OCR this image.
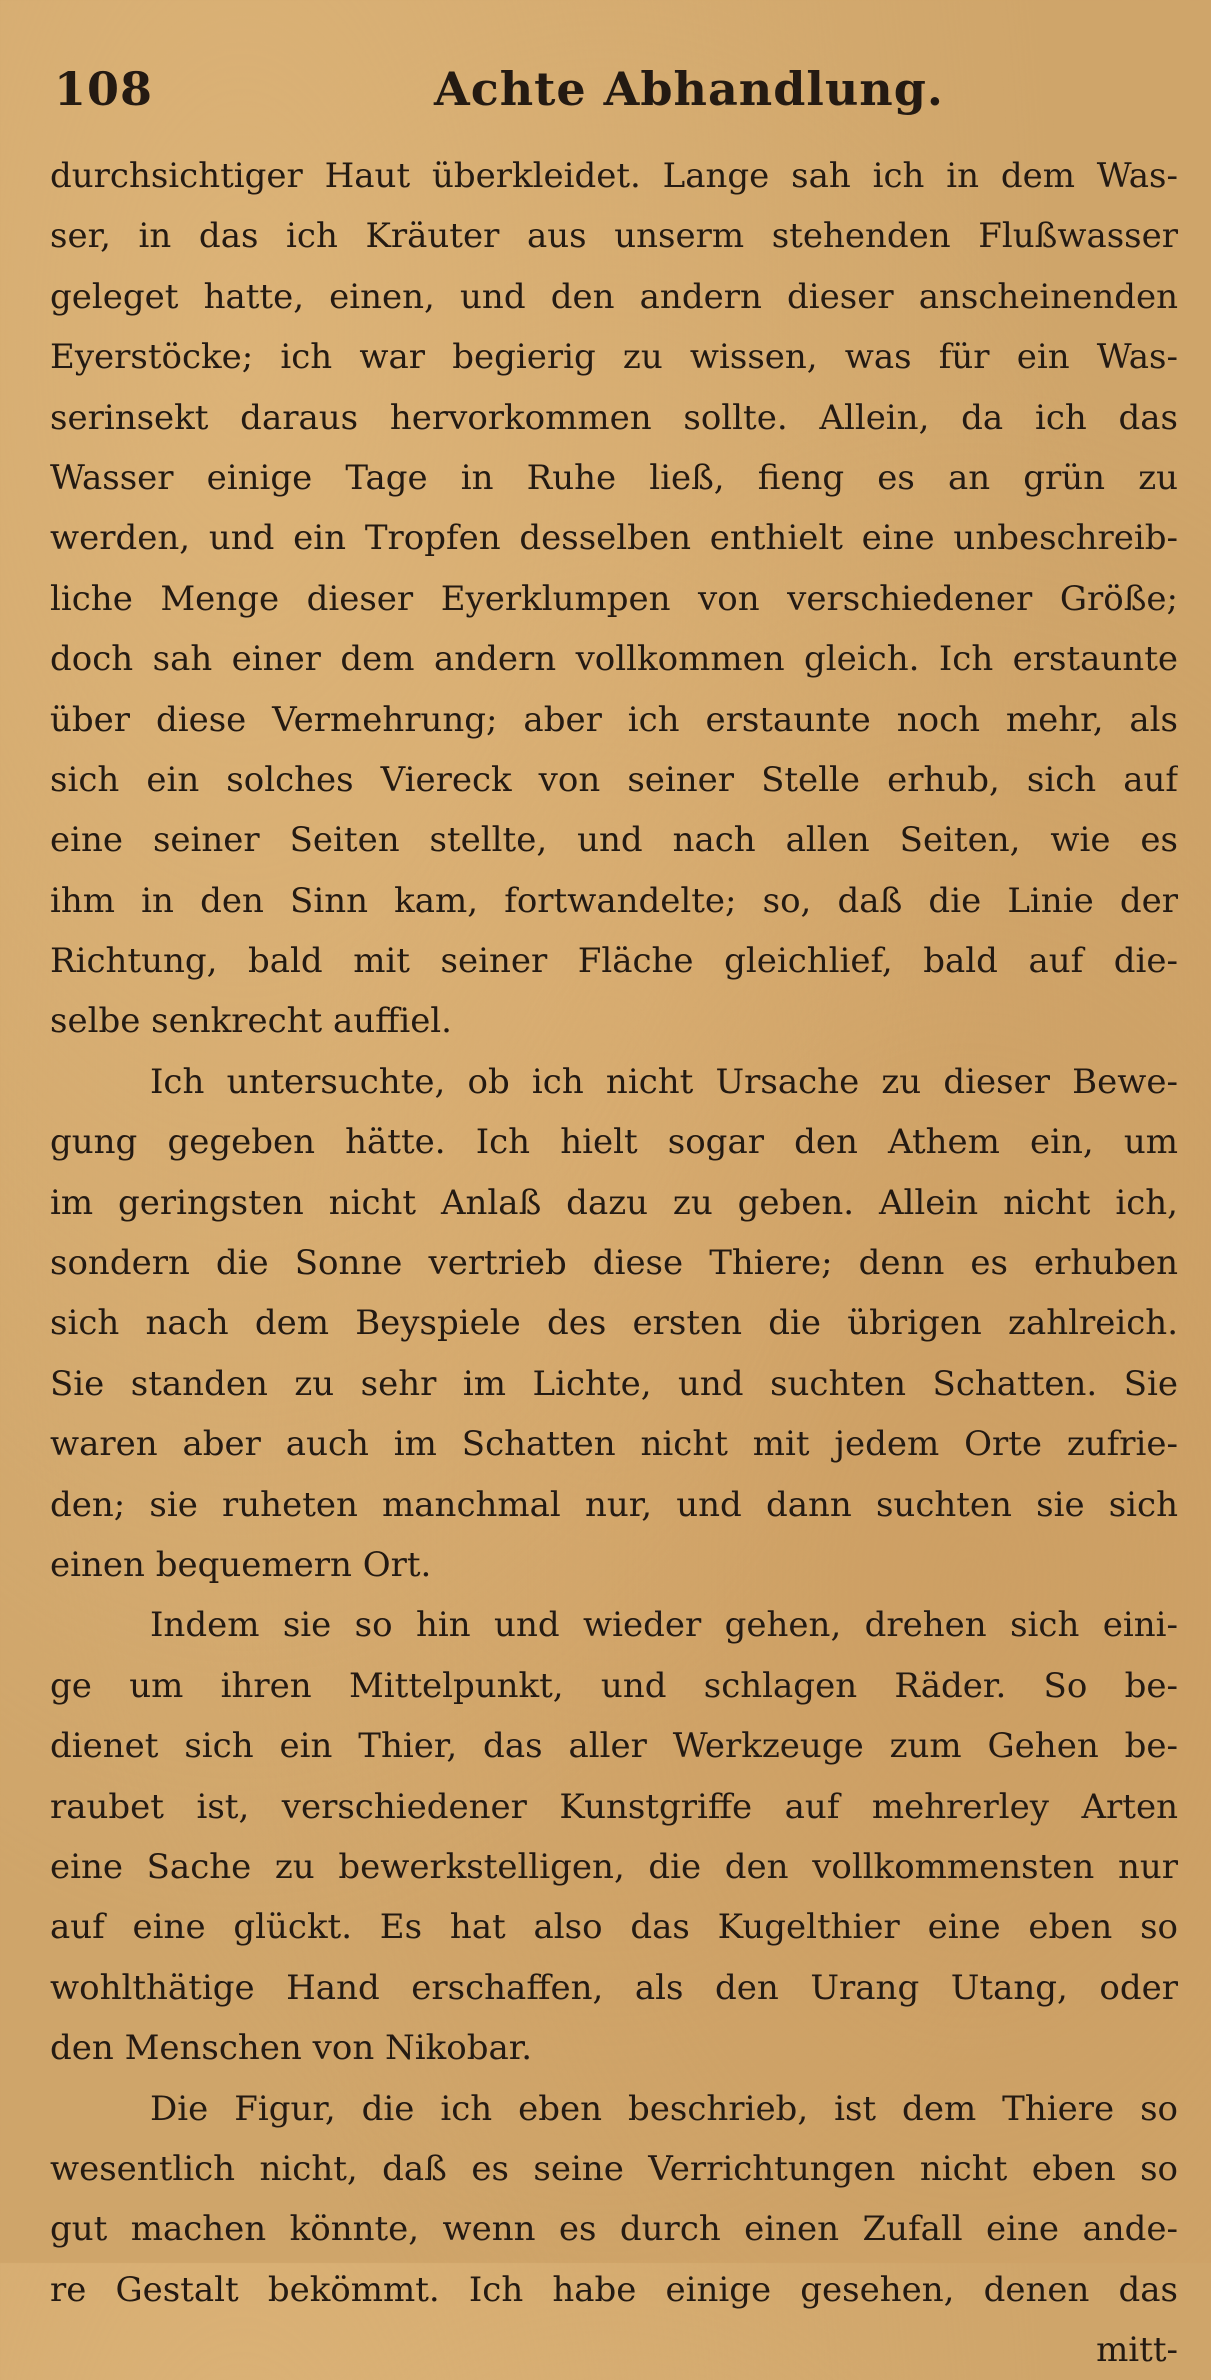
108	Achte Abhandlung.
durchsichtiger Haut überkleidet. Lange sah ich in dem Was-
ser, in das ich Kräuter aus unserm stehenden Flußwasser
geleget hatte, einen, und den andern dieser anscheinenden
Eyerstöcke; ich war begierig zu wissen, was für ein Was-
serinsekt daraus hervorkommen sollte. Allein, da ich das
Wasser einige Tage in Ruhe ließ, fieng es an grün zu
werden, und ein Tropfen desselben enthielt eine unbeschreib-
liche Menge dieser Eyerklumpen von verschiedener Größe;
doch sah einer dem andern vollkommen gleich. Ich erstaunte
über diese Vermehrung; aber ich erstaunte noch mehr, als
sich ein solches Viereck von seiner Stelle erhub, sich auf
eine seiner Seiten stellte, und nach allen Seiten, wie es
ihm in den Sinn kam, fortwandelte; so, daß die Linie der
Richtung, bald mit seiner Fläche gleichlief, bald auf die-
selbe senkrecht auffiel.
Ich untersuchte, ob ich nicht Ursache zu dieser Bewe-
gung gegeben hätte. Ich hielt sogar den Athem ein, um
im geringsten nicht Anlaß dazu zu geben. Allein nicht ich,
sondern die Sonne vertrieb diese Thiere; denn es erhuben
sich nach dem Beyspiele des ersten die übrigen zahlreich.
Sie standen zu sehr im Lichte, und suchten Schatten. Sie
waren aber auch im Schatten nicht mit jedem Orte zufrie-
den; sie ruheten manchmal nur, und dann suchten sie sich
einen bequemern Ort.
Indem sie so hin und wieder gehen, drehen sich eini-
ge um ihren Mittelpunkt, und schlagen Räder. So be-
dienet sich ein Thier, das aller Werkzeuge zum Gehen be-
raubet ist, verschiedener Kunstgriffe auf mehrerley Arten
eine Sache zu bewerkstelligen, die den vollkommensten nur
auf eine glückt. Es hat also das Kugelthier eine eben so
wohlthätige Hand erschaffen, als den Urang Utang, oder
den Menschen von Nikobar.
Die Figur, die ich eben beschrieb, ist dem Thiere so
wesentlich nicht, daß es seine Verrichtungen nicht eben so
gut machen könnte, wenn es durch einen Zufall eine ande-
re Gestalt bekömmt. Ich habe einige gesehen, denen das
mitt-
